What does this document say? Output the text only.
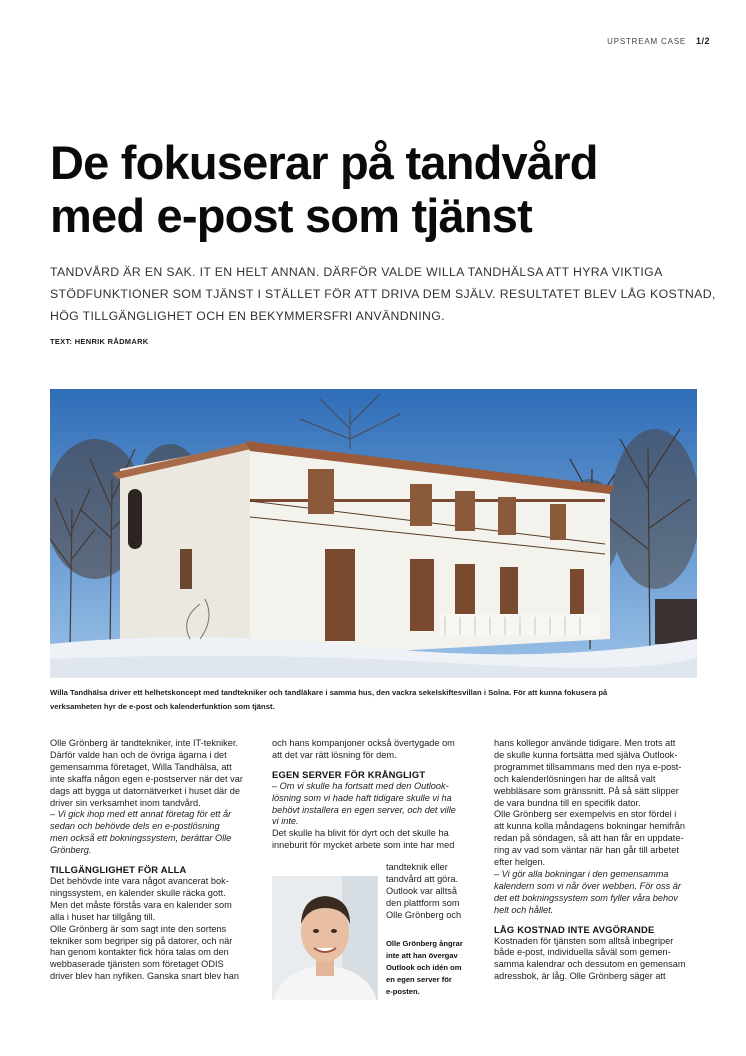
UPSTREAM CASE 1/2
De fokuserar på tandvård
med e-post som tjänst
TANDVÅRD ÄR EN SAK. IT EN HELT ANNAN. DÄRFÖR VALDE WILLA TANDHÄLSA ATT HYRA VIKTIGA
STÖDFUNKTIONER SOM TJÄNST I STÄLLET FÖR ATT DRIVA DEM SJÄLV. RESULTATET BLEV LÅG KOSTNAD,
HÖG TILLGÄNGLIGHET OCH EN BEKYMMERSFRI ANVÄNDNING.
TEXT: HENRIK RÅDMARK
Willa Tandhälsa driver ett helhetskoncept med tandtekniker och tandläkare i samma hus, den vackra sekelskiftesvillan i Solna. För att kunna fokusera på
verksamheten hyr de e-post och kalenderfunktion som tjänst.
Olle Grönberg är tandtekniker, inte IT-tekniker.
Därför valde han och de övriga ägarna i det
gemensamma företaget, Willa Tandhälsa, att
inte skaffa någon egen e-postserver när det var
dags att bygga ut datornätverket i huset där de
driver sin verksamhet inom tandvård.
– Vi gick ihop med ett annat företag för ett år
sedan och behövde dels en e-postlösning
men också ett bokningssystem, berättar Olle
Grönberg.
TILLGÄNGLIGHET FÖR ALLA
Det behövde inte vara något avancerat bok-
ningssystem, en kalender skulle räcka gott.
Men det måste förstås vara en kalender som
alla i huset har tillgång till.
Olle Grönberg är som sagt inte den sortens
tekniker som begriper sig på datorer, och när
han genom kontakter fick höra talas om den
webbaserade tjänsten som företaget ODIS
driver blev han nyfiken. Ganska snart blev han
och hans kompanjoner också övertygade om
att det var rätt lösning för dem.
EGEN SERVER FÖR KRÅNGLIGT
– Om vi skulle ha fortsatt med den Outlook-
lösning som vi hade haft tidigare skulle vi ha
behövt installera en egen server, och det ville
vi inte.
Det skulle ha blivit för dyrt och det skulle ha
inneburit för mycket arbete som inte har med
tandteknik eller
tandvård att göra.
Outlook var alltså
den plattform som
Olle Grönberg och
Olle Grönberg ångrar
inte att han övergav
Outlook och idén om
en egen server för
e-posten.
hans kollegor använde tidigare. Men trots att
de skulle kunna fortsätta med själva Outlook-
programmet tillsammans med den nya e-post-
och kalenderlösningen har de alltså valt
webbläsare som gränssnitt. På så sätt slipper
de vara bundna till en specifik dator.
Olle Grönberg ser exempelvis en stor fördel i
att kunna kolla måndagens bokningar hemifrån
redan på söndagen, så att han får en uppdate-
ring av vad som väntar när han går till arbetet
efter helgen.
– Vi gör alla bokningar i den gemensamma
kalendern som vi når över webben. För oss är
det ett bokningssystem som fyller våra behov
helt och hållet.
LÅG KOSTNAD INTE AVGÖRANDE
Kostnaden för tjänsten som alltså inbegriper
både e-post, individuella såväl som gemen-
samma kalendrar och dessutom en gemensam
adressbok, är låg. Olle Grönberg säger att
